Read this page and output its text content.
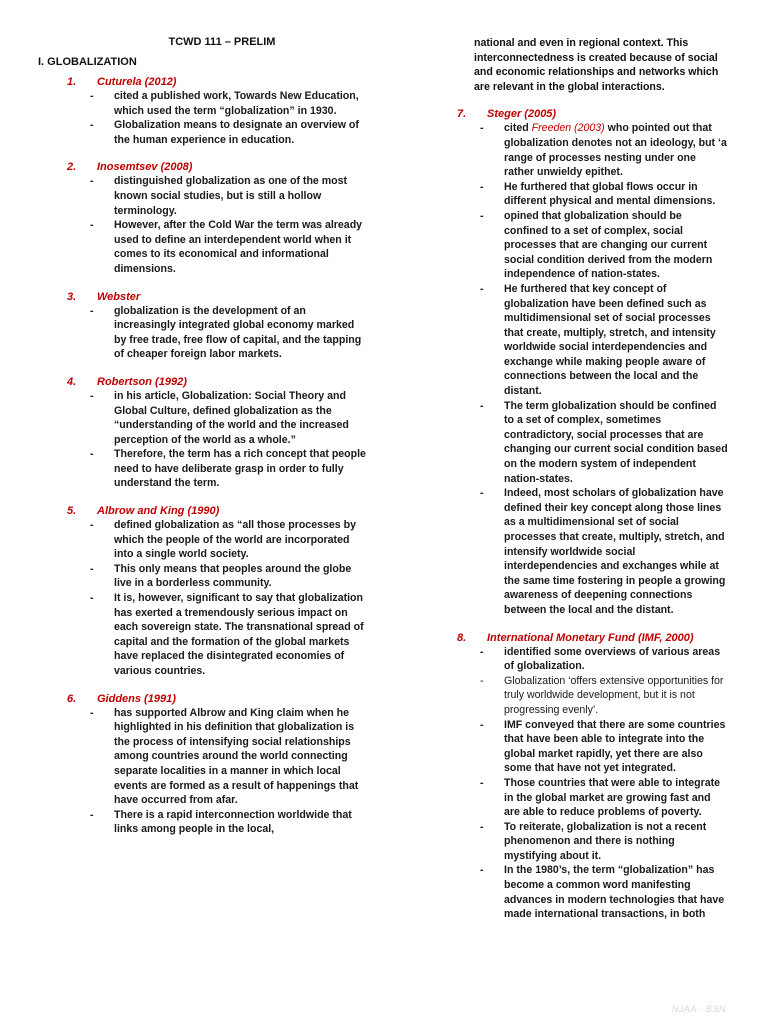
TCWD 111 – PRELIM
I. GLOBALIZATION
1.	Cuturela (2012)
-	cited a published work, Towards New Education, which used the term “globalization” in 1930.
-	Globalization means to designate an overview of the human experience in education.
2.	Inosemtsev (2008)
-	distinguished globalization as one of the most known social studies, but is still a hollow terminology.
-	However, after the Cold War the term was already used to define an interdependent world when it comes to its economical and informational dimensions.
3.	Webster
-	globalization is the development of an increasingly integrated global economy marked by free trade, free flow of capital, and the tapping of cheaper foreign labor markets.
4.	Robertson (1992)
-	in his article, Globalization: Social Theory and Global Culture, defined globalization as the “understanding of the world and the increased perception of the world as a whole.”
-	Therefore, the term has a rich concept that people need to have deliberate grasp in order to fully understand the term.
5.	Albrow and King (1990)
-	defined globalization as “all those processes by which the people of the world are incorporated into a single world society.
-	This only means that peoples around the globe live in a borderless community.
-	It is, however, significant to say that globalization has exerted a tremendously serious impact on each sovereign state. The transnational spread of capital and the formation of the global markets have replaced the disintegrated economies of various countries.
6.	Giddens (1991)
-	has supported Albrow and King claim when he highlighted in his definition that globalization is the process of intensifying social relationships among countries around the world connecting separate localities in a manner in which local events are formed as a result of happenings that have occurred from afar.
-	There is a rapid interconnection worldwide that links among people in the local,
national and even in regional context. This interconnectedness is created because of social and economic relationships and networks which are relevant in the global interactions.
7.	Steger (2005)
-	cited Freeden (2003) who pointed out that globalization denotes not an ideology, but ‘a range of processes nesting under one rather unwieldy epithet.
-	He furthered that global flows occur in different physical and mental dimensions.
-	opined that globalization should be confined to a set of complex, social processes that are changing our current social condition derived from the modern independence of nation-states.
-	He furthered that key concept of globalization have been defined such as multidimensional set of social processes that create, multiply, stretch, and intensity worldwide social interdependencies and exchange while making people aware of connections between the local and the distant.
-	The term globalization should be confined to a set of complex, sometimes contradictory, social processes that are changing our current social condition based on the modern system of independent nation-states.
-	Indeed, most scholars of globalization have defined their key concept along those lines as a multidimensional set of social processes that create, multiply, stretch, and intensify worldwide social interdependencies and exchanges while at the same time fostering in people a growing awareness of deepening connections between the local and the distant.
8.	International Monetary Fund (IMF, 2000)
-	identified some overviews of various areas of globalization.
-	Globalization ‘offers extensive opportunities for truly worldwide development, but it is not progressing evenly’.
-	IMF conveyed that there are some countries that have been able to integrate into the global market rapidly, yet there are also some that have not yet integrated.
-	Those countries that were able to integrate in the global market are growing fast and are able to reduce problems of poverty.
-	To reiterate, globalization is not a recent phenomenon and there is nothing mystifying about it.
-	In the 1980’s, the term “globalization” has become a common word manifesting advances in modern technologies that have made international transactions, in both
NJAA - BSN
